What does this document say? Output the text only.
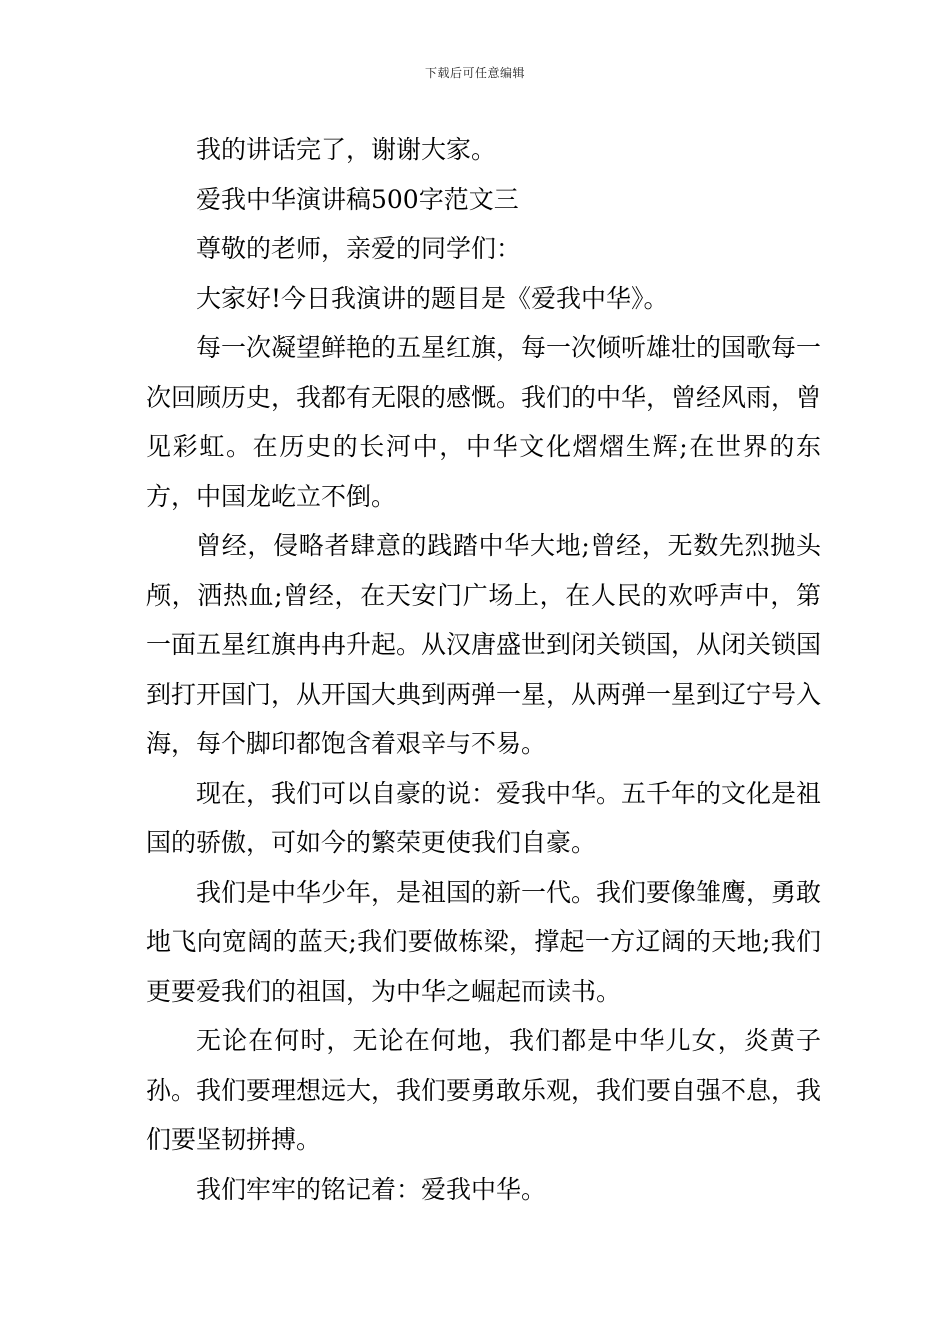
下载后可任意编辑

我的讲话完了，谢谢大家。

爱我中华演讲稿500字范文三

尊敬的老师，亲爱的同学们：

大家好!今日我演讲的题目是《爱我中华》。

每一次凝望鲜艳的五星红旗，每一次倾听雄壮的国歌每一次回顾历史，我都有无限的感慨。我们的中华，曾经风雨，曾见彩虹。在历史的长河中，中华文化熠熠生辉;在世界的东方，中国龙屹立不倒。

曾经，侵略者肆意的践踏中华大地;曾经，无数先烈抛头颅，洒热血;曾经，在天安门广场上，在人民的欢呼声中，第一面五星红旗冉冉升起。从汉唐盛世到闭关锁国，从闭关锁国到打开国门，从开国大典到两弹一星，从两弹一星到辽宁号入海，每个脚印都饱含着艰辛与不易。

现在，我们可以自豪的说：爱我中华。五千年的文化是祖国的骄傲，可如今的繁荣更使我们自豪。

我们是中华少年，是祖国的新一代。我们要像雏鹰，勇敢地飞向宽阔的蓝天;我们要做栋梁，撑起一方辽阔的天地;我们更要爱我们的祖国，为中华之崛起而读书。

无论在何时，无论在何地，我们都是中华儿女，炎黄子孙。我们要理想远大，我们要勇敢乐观，我们要自强不息，我们要坚韧拼搏。

我们牢牢的铭记着：爱我中华。
